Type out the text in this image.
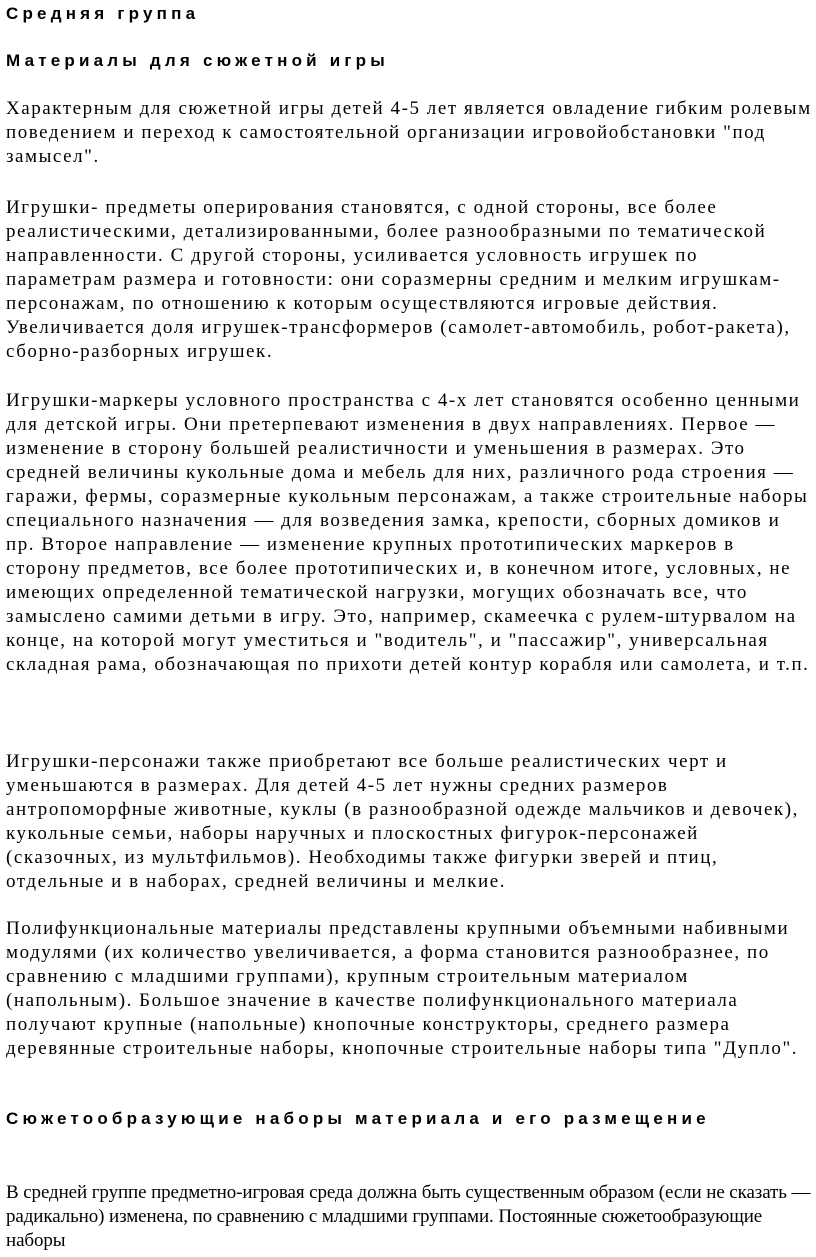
Средняя группа
Материалы для сюжетной игры

Характерным для сюжетной игры детей 4-5 лет является овладение гибким ролевым поведением и переход к самостоятельной организации игровойобстановки "под замысел".

Игрушки- предметы оперирования становятся, с одной стороны, все более реалистическими, детализированными, более разнообразными по тематической направленности. С другой стороны, усиливается условность игрушек по параметрам размера и готовности: они соразмерны средним и мелким игрушкам-персонажам, по отношению к которым осуществляются игровые действия. Увеличивается доля игрушек-трансформеров (самолет-автомобиль, робот-ракета), сборно-разборных игрушек.

Игрушки-маркеры условного пространства с 4-х лет становятся особенно ценными для детской игры. Они претерпевают изменения в двух направлениях. Первое — изменение в сторону большей реалистичности и уменьшения в размерах. Это средней величины кукольные дома и мебель для них, различного рода строения — гаражи, фермы, соразмерные кукольным персонажам, а также строительные наборы специального назначения — для возведения замка, крепости, сборных домиков и пр. Второе направление — изменение крупных прототипических маркеров в сторону предметов, все более прототипических и, в конечном итоге, условных, не имеющих определенной тематической нагрузки, могущих обозначать все, что замыслено самими детьми в игру. Это, например, скамеечка с рулем-штурвалом на конце, на которой могут уместиться и "водитель", и "пассажир", универсальная складная рама, обозначающая по прихоти детей контур корабля или самолета, и т.п.

Игрушки-персонажи также приобретают все больше реалистических черт и уменьшаются в размерах. Для детей 4-5 лет нужны средних размеров антропоморфные животные, куклы (в разнообразной одежде мальчиков и девочек), кукольные семьи, наборы наручных и плоскостных фигурок-персонажей (сказочных, из мультфильмов). Необходимы также фигурки зверей и птиц, отдельные и в наборах, средней величины и мелкие.

Полифункциональные материалы представлены крупными объемными набивными модулями (их количество увеличивается, а форма становится разнообразнее, по сравнению с младшими группами), крупным строительным материалом (напольным). Большое значение в качестве полифункционального материала получают крупные (напольные) кнопочные конструкторы, среднего размера деревянные строительные наборы, кнопочные строительные наборы типа "Дупло".

Сюжетообразующие наборы материала и его размещение

В средней группе предметно-игровая среда должна быть существенным образом (если не сказать — радикально) изменена, по сравнению с младшими группами. Постоянные сюжетообразующие наборы
